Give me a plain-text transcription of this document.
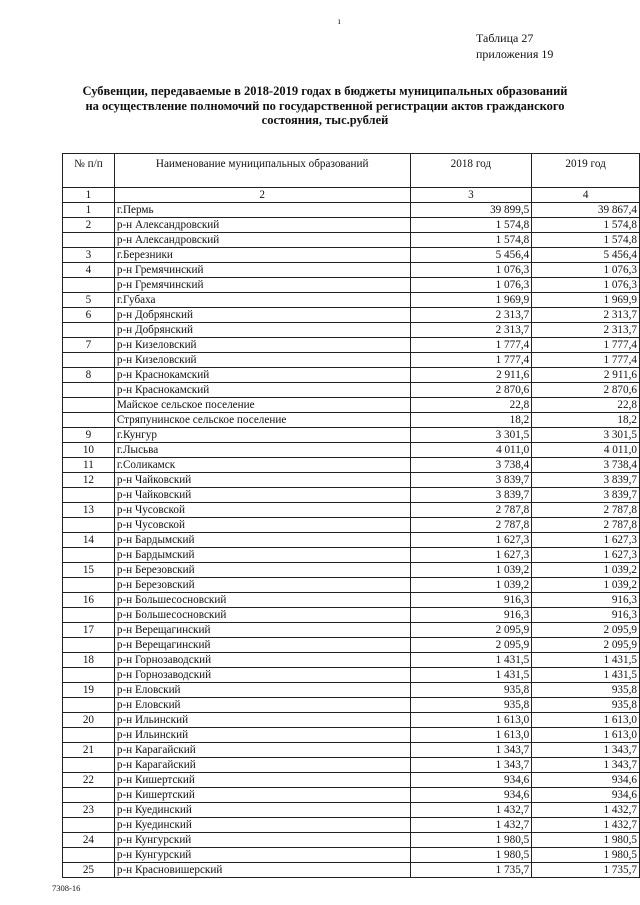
ı
Таблица 27
приложения 19
Субвенции, передаваемые в 2018-2019 годах в бюджеты муниципальных образований
на осуществление полномочий по государственной регистрации актов гражданского
состояния, тыс.рублей
№ п/п	Наименование муниципальных образований	2018 год	2019 год
1	2	3	4
1	г.Пермь	39 899,5	39 867,4
2	р-н Александровский	1 574,8	1 574,8
	р-н Александровский	1 574,8	1 574,8
3	г.Березники	5 456,4	5 456,4
4	р-н Гремячинский	1 076,3	1 076,3
	р-н Гремячинский	1 076,3	1 076,3
5	г.Губаха	1 969,9	1 969,9
6	р-н Добрянский	2 313,7	2 313,7
	р-н Добрянский	2 313,7	2 313,7
7	р-н Кизеловский	1 777,4	1 777,4
	р-н Кизеловский	1 777,4	1 777,4
8	р-н Краснокамский	2 911,6	2 911,6
	р-н Краснокамский	2 870,6	2 870,6
	Майское сельское поселение	22,8	22,8
	Стряпунинское сельское поселение	18,2	18,2
9	г.Кунгур	3 301,5	3 301,5
10	г.Лысьва	4 011,0	4 011,0
11	г.Соликамск	3 738,4	3 738,4
12	р-н Чайковский	3 839,7	3 839,7
	р-н Чайковский	3 839,7	3 839,7
13	р-н Чусовской	2 787,8	2 787,8
	р-н Чусовской	2 787,8	2 787,8
14	р-н Бардымский	1 627,3	1 627,3
	р-н Бардымский	1 627,3	1 627,3
15	р-н Березовский	1 039,2	1 039,2
	р-н Березовский	1 039,2	1 039,2
16	р-н Большесосновский	916,3	916,3
	р-н Большесосновский	916,3	916,3
17	р-н Верещагинский	2 095,9	2 095,9
	р-н Верещагинский	2 095,9	2 095,9
18	р-н Горнозаводский	1 431,5	1 431,5
	р-н Горнозаводский	1 431,5	1 431,5
19	р-н Еловский	935,8	935,8
	р-н Еловский	935,8	935,8
20	р-н Ильинский	1 613,0	1 613,0
	р-н Ильинский	1 613,0	1 613,0
21	р-н Карагайский	1 343,7	1 343,7
	р-н Карагайский	1 343,7	1 343,7
22	р-н Кишертский	934,6	934,6
	р-н Кишертский	934,6	934,6
23	р-н Куединский	1 432,7	1 432,7
	р-н Куединский	1 432,7	1 432,7
24	р-н Кунгурский	1 980,5	1 980,5
	р-н Кунгурский	1 980,5	1 980,5
25	р-н Красновишерский	1 735,7	1 735,7
7308-16
